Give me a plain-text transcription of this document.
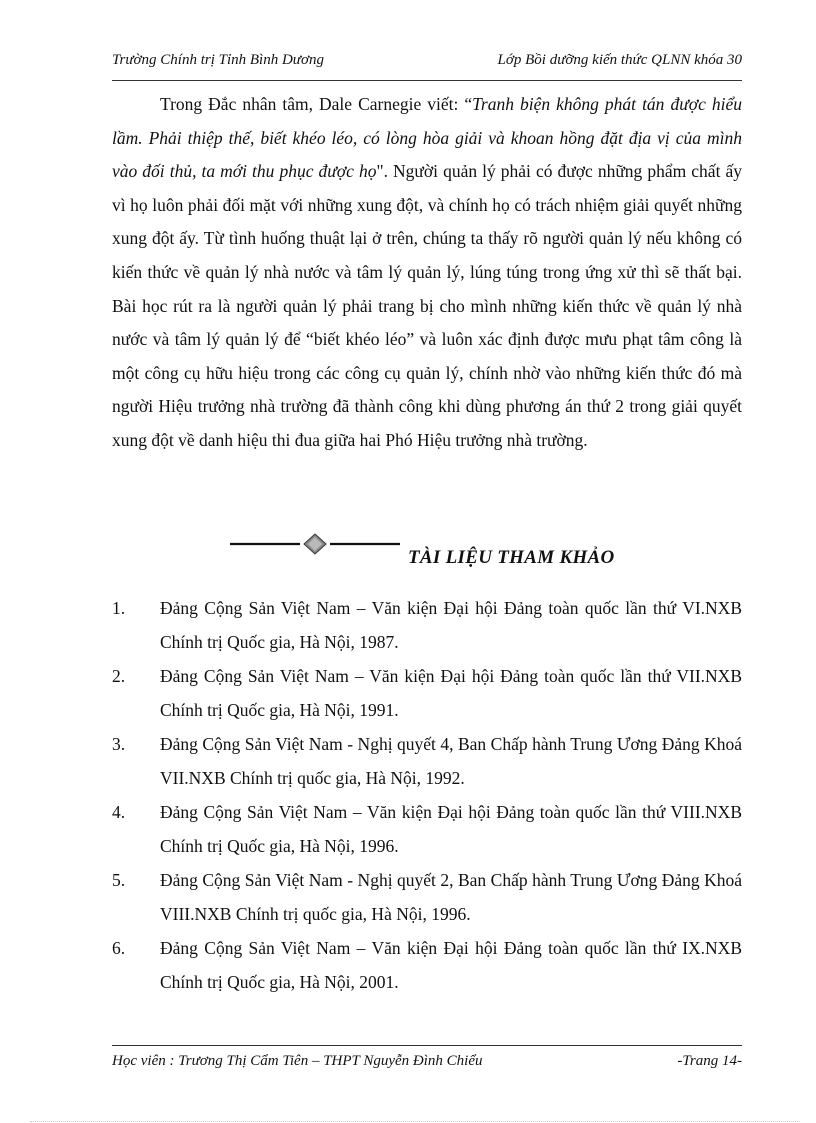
Trường Chính trị Tỉnh Bình Dương	Lớp Bồi dưỡng kiến thức QLNN khóa 30

Trong Đắc nhân tâm, Dale Carnegie viết: “Tranh biện không phát tán được hiểu lầm. Phải thiệp thế, biết khéo léo, có lòng hòa giải và khoan hồng đặt địa vị của mình vào đối thủ, ta mới thu phục được họ". Người quản lý phải có được những phẩm chất ấy vì họ luôn phải đối mặt với những xung đột, và chính họ có trách nhiệm giải quyết những xung đột ấy. Từ tình huống thuật lại ở trên, chúng ta thấy rõ người quản lý nếu không có kiến thức về quản lý nhà nước và tâm lý quản lý, lúng túng trong ứng xử thì sẽ thất bại. Bài học rút ra là người quản lý phải trang bị cho mình những kiến thức về quản lý nhà nước và tâm lý quản lý để “biết khéo léo” và luôn xác định được mưu phạt tâm công là một công cụ hữu hiệu trong các công cụ quản lý, chính nhờ vào những kiến thức đó mà người Hiệu trưởng nhà trường đã thành công khi dùng phương án thứ 2 trong giải quyết xung đột về danh hiệu thi đua giữa hai Phó Hiệu trưởng nhà trường.

TÀI LIỆU THAM KHẢO
1. Đảng Cộng Sản Việt Nam – Văn kiện Đại hội Đảng toàn quốc lần thứ VI.NXB Chính trị Quốc gia, Hà Nội, 1987.
2. Đảng Cộng Sản Việt Nam – Văn kiện Đại hội Đảng toàn quốc lần thứ VII.NXB Chính trị Quốc gia, Hà Nội, 1991.
3. Đảng Cộng Sản Việt Nam - Nghị quyết 4, Ban Chấp hành Trung Ương Đảng Khoá VII.NXB Chính trị quốc gia, Hà Nội, 1992.
4. Đảng Cộng Sản Việt Nam – Văn kiện Đại hội Đảng toàn quốc lần thứ VIII.NXB Chính trị Quốc gia, Hà Nội, 1996.
5. Đảng Cộng Sản Việt Nam - Nghị quyết 2, Ban Chấp hành Trung Ương Đảng Khoá VIII.NXB Chính trị quốc gia, Hà Nội, 1996.
6. Đảng Cộng Sản Việt Nam – Văn kiện Đại hội Đảng toàn quốc lần thứ IX.NXB Chính trị Quốc gia, Hà Nội, 2001.
Học viên : Trương Thị Cẩm Tiên – THPT Nguyễn Đình Chiểu	-Trang 14-
